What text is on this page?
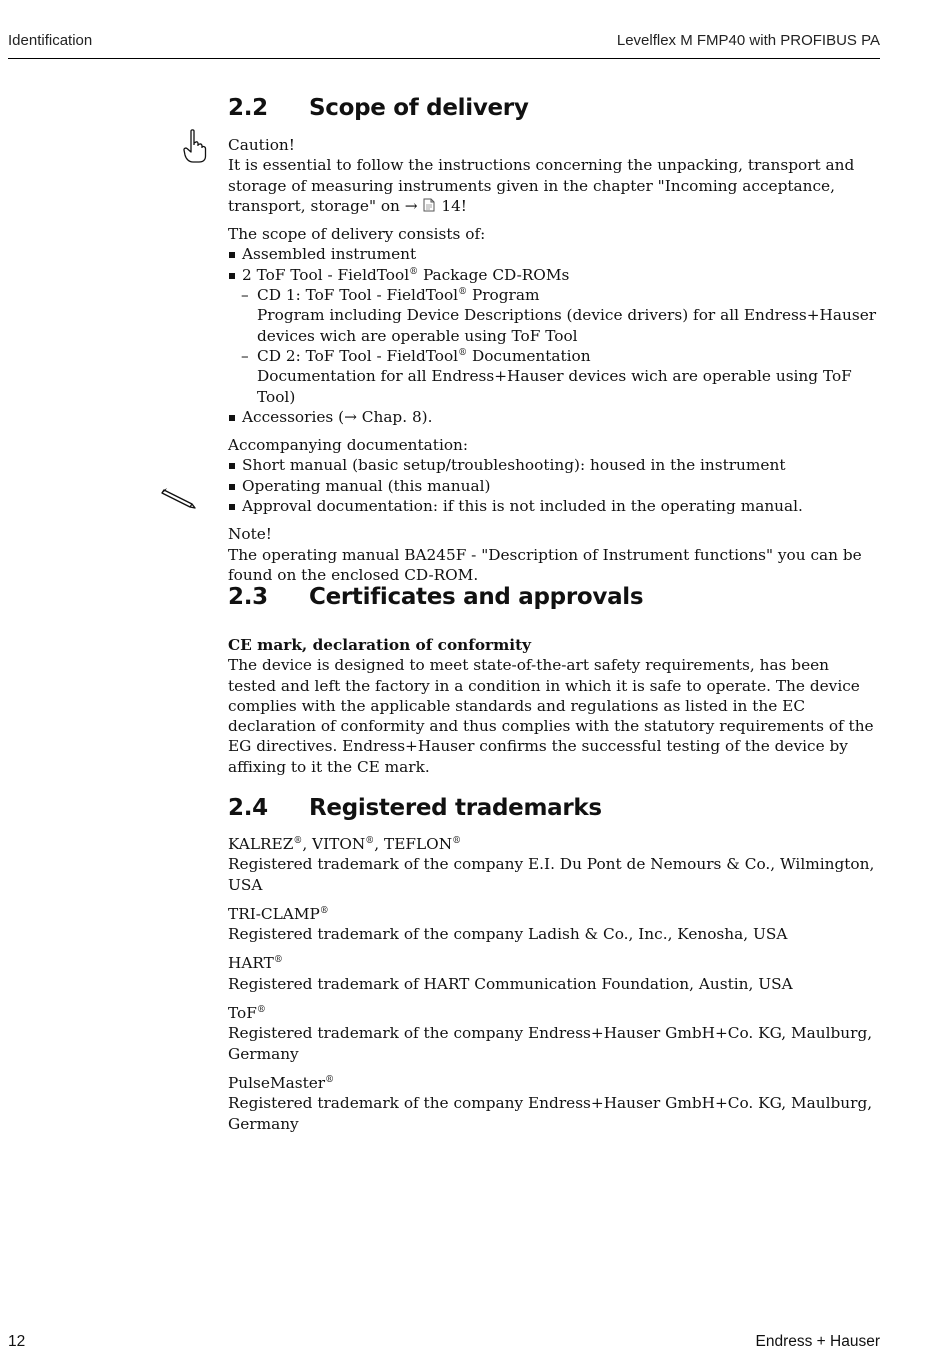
Identification	Levelflex M FMP40 with PROFIBUS PA
2.2 Scope of delivery

Caution!

It is essential to follow the instructions concerning the unpacking, transport and storage of measuring instruments given in the chapter "Incoming acceptance, transport, storage" on → 14!

The scope of delivery consists of:

Assembled instrument
2 ToF Tool - FieldTool® Package CD-ROMs
– CD 1: ToF Tool - FieldTool® Program
Program including Device Descriptions (device drivers) for all Endress+Hauser devices wich are operable using ToF Tool
– CD 2: ToF Tool - FieldTool® Documentation
Documentation for all Endress+Hauser devices wich are operable using ToF Tool)
Accessories (→ Chap. 8).

Accompanying documentation:

Short manual (basic setup/troubleshooting): housed in the instrument
Operating manual (this manual)
Approval documentation: if this is not included in the operating manual.

Note!

The operating manual BA245F - "Description of Instrument functions" you can be found on the enclosed CD-ROM.

2.3 Certificates and approvals

CE mark, declaration of conformity

The device is designed to meet state-of-the-art safety requirements, has been tested and left the factory in a condition in which it is safe to operate. The device complies with the applicable standards and regulations as listed in the EC declaration of conformity and thus complies with the statutory requirements of the EG directives. Endress+Hauser confirms the successful testing of the device by affixing to it the CE mark.

2.4 Registered trademarks

KALREZ®, VITON®, TEFLON®

Registered trademark of the company E.I. Du Pont de Nemours & Co., Wilmington, USA

TRI-CLAMP®

Registered trademark of the company Ladish & Co., Inc., Kenosha, USA

HART®

Registered trademark of HART Communication Foundation, Austin, USA

ToF®

Registered trademark of the company Endress+Hauser GmbH+Co. KG, Maulburg, Germany

PulseMaster®

Registered trademark of the company Endress+Hauser GmbH+Co. KG, Maulburg, Germany

12	Endress + Hauser
